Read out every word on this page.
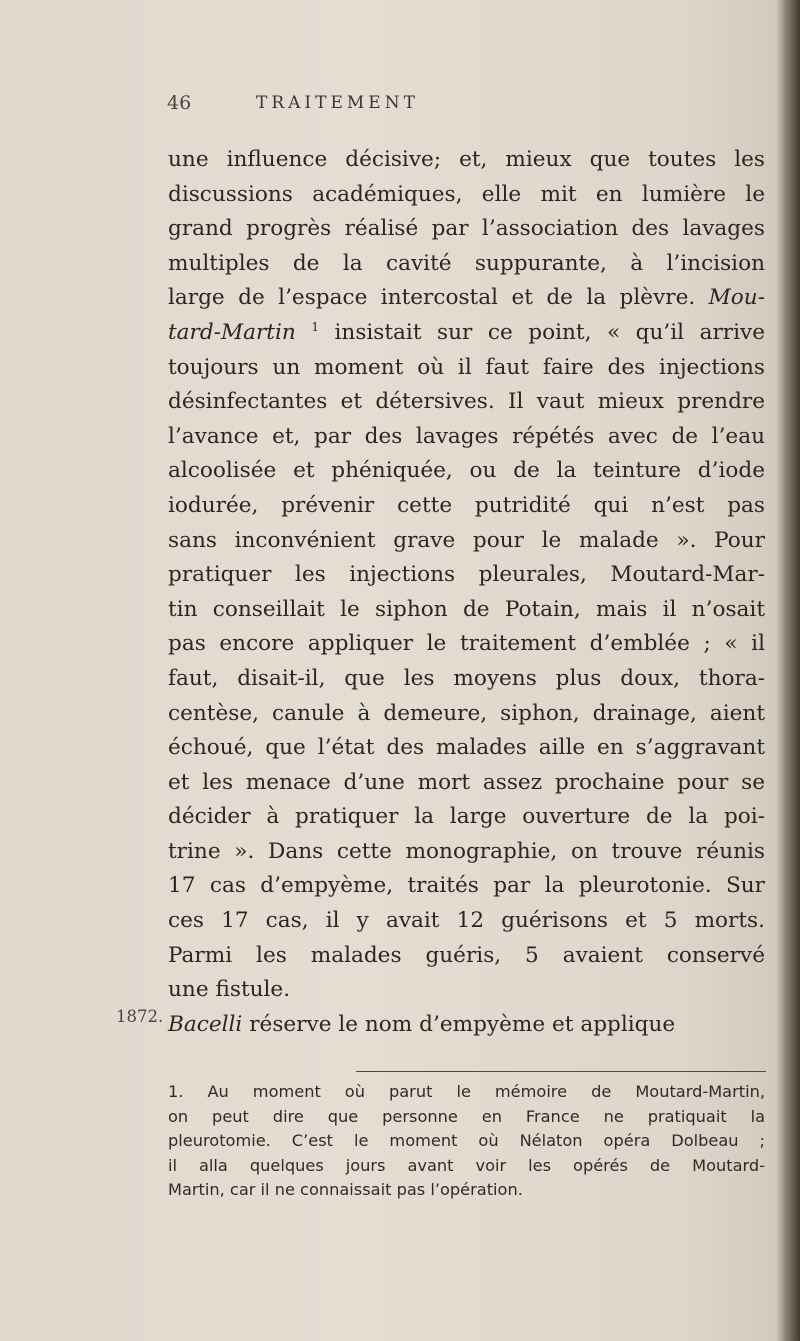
46	TRAITEMENT
une influence décisive; et, mieux que toutes les
discussions académiques, elle mit en lumière le
grand progrès réalisé par l’association des lavages
multiples de la cavité suppurante, à l’incision
large de l’espace intercostal et de la plèvre. Mou-
tard-Martin $^1$ insistait sur ce point, « qu’il arrive
toujours un moment où il faut faire des injections
désinfectantes et détersives. Il vaut mieux prendre
l’avance et, par des lavages répétés avec de l’eau
alcoolisée et phéniquée, ou de la teinture d’iode
iodurée, prévenir cette putridité qui n’est pas
sans inconvénient grave pour le malade ». Pour
pratiquer les injections pleurales, Moutard-Mar-
tin conseillait le siphon de Potain, mais il n’osait
pas encore appliquer le traitement d’emblée ; « il
faut, disait-il, que les moyens plus doux, thora-
centèse, canule à demeure, siphon, drainage, aient
échoué, que l’état des malades aille en s’aggravant
et les menace d’une mort assez prochaine pour se
décider à pratiquer la large ouverture de la poi-
trine ». Dans cette monographie, on trouve réunis
17 cas d’empyème, traités par la pleurotonie. Sur
ces 17 cas, il y avait 12 guérisons et 5 morts.
Parmi les malades guéris, 5 avaient conservé
une fistule.
Bacelli réserve le nom d’empyème et applique
1872.
1. Au moment où parut le mémoire de Moutard-Martin,
on peut dire que personne en France ne pratiquait la
pleurotomie. C’est le moment où Nélaton opéra Dolbeau ;
il alla quelques jours avant voir les opérés de Moutard-
Martin, car il ne connaissait pas l’opération.
